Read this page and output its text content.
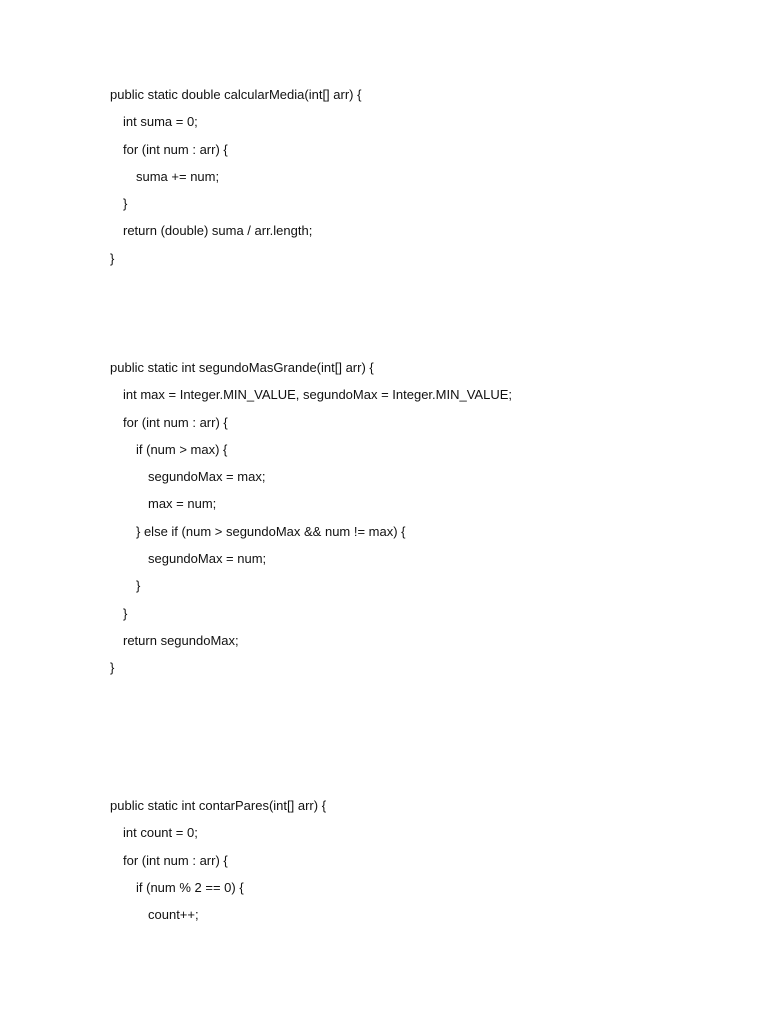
public static double calcularMedia(int[] arr) {
int suma = 0;
for (int num : arr) {
suma += num;
}
return (double) suma / arr.length;
}
public static int segundoMasGrande(int[] arr) {
int max = Integer.MIN_VALUE, segundoMax = Integer.MIN_VALUE;
for (int num : arr) {
if (num > max) {
segundoMax = max;
max = num;
} else if (num > segundoMax && num != max) {
segundoMax = num;
}
}
return segundoMax;
}
public static int contarPares(int[] arr) {
int count = 0;
for (int num : arr) {
if (num % 2 == 0) {
count++;
